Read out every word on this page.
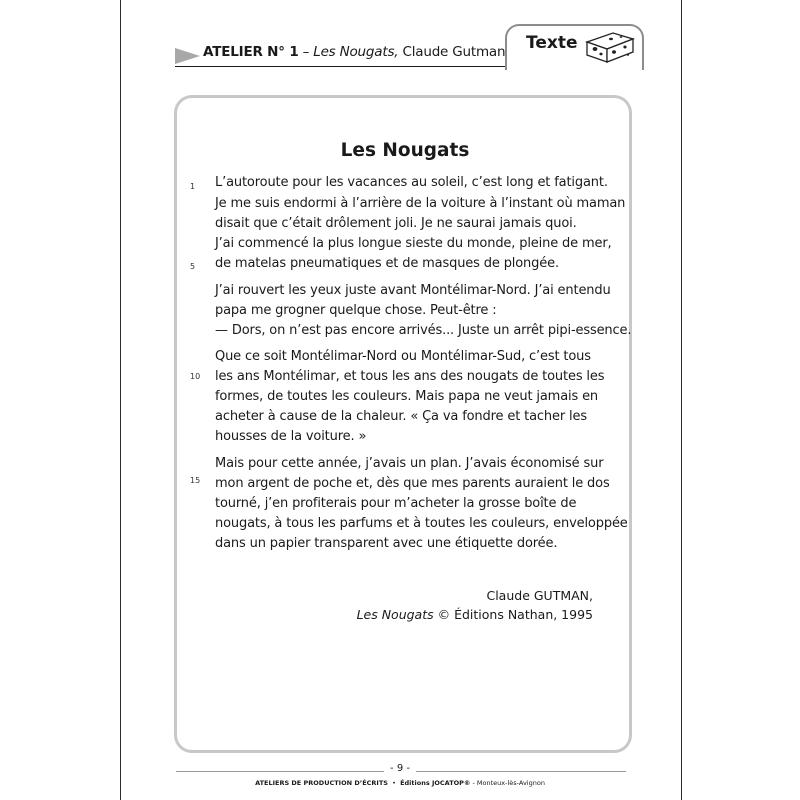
ATELIER N° 1 – Les Nougats, Claude Gutman Texte
Les Nougats
L’autoroute pour les vacances au soleil, c’est long et fatigant.
Je me suis endormi à l’arrière de la voiture à l’instant où maman
disait que c’était drôlement joli. Je ne saurai jamais quoi.
J’ai commencé la plus longue sieste du monde, pleine de mer,
de matelas pneumatiques et de masques de plongée.
J’ai rouvert les yeux juste avant Montélimar-Nord. J’ai entendu
papa me grogner quelque chose. Peut-être :
— Dors, on n’est pas encore arrivés... Juste un arrêt pipi-essence.
Que ce soit Montélimar-Nord ou Montélimar-Sud, c’est tous
les ans Montélimar, et tous les ans des nougats de toutes les
formes, de toutes les couleurs. Mais papa ne veut jamais en
acheter à cause de la chaleur. « Ça va fondre et tacher les
housses de la voiture. »
Mais pour cette année, j’avais un plan. J’avais économisé sur
mon argent de poche et, dès que mes parents auraient le dos
tourné, j’en profiterais pour m’acheter la grosse boîte de
nougats, à tous les parfums et à toutes les couleurs, enveloppée
dans un papier transparent avec une étiquette dorée.
1
5
10
15
Claude GUTMAN,
Les Nougats © Éditions Nathan, 1995
- 9 -
ATELIERS DE PRODUCTION D’ÉCRITS • Éditions JOCATOP® - Monteux-lès-Avignon
